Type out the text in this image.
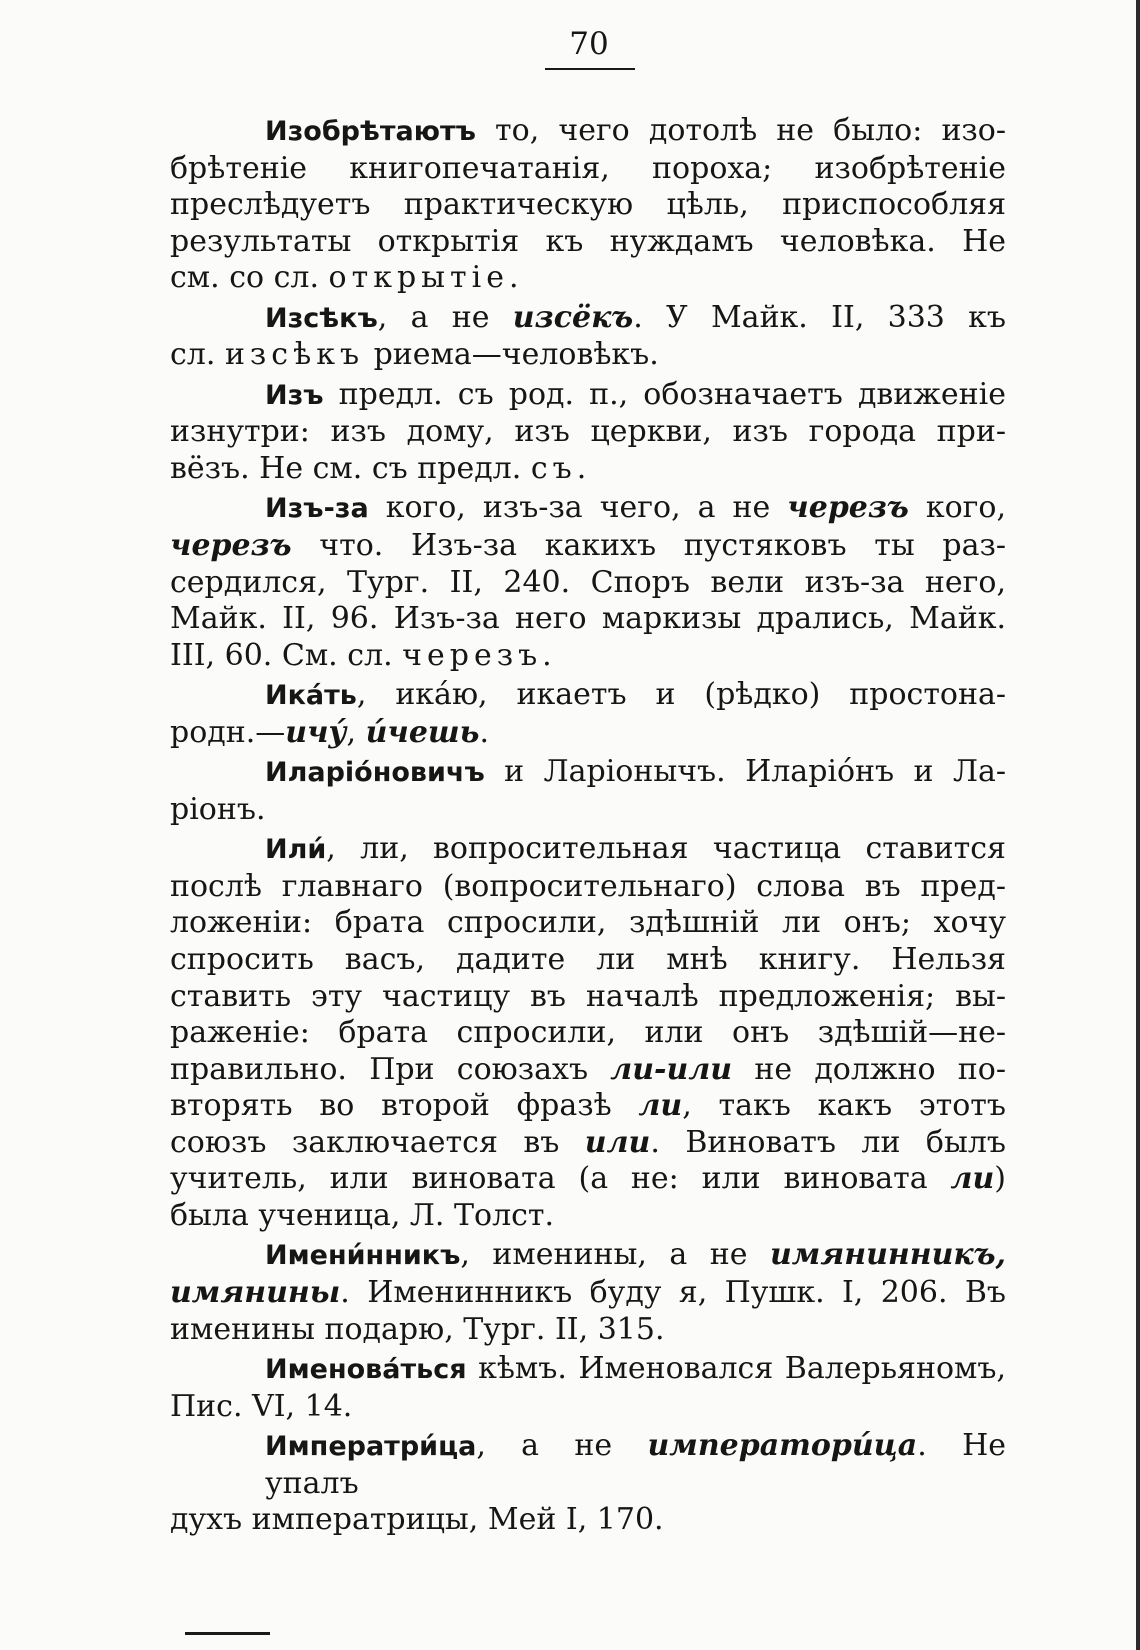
70
Изобрѣтаютъ то, чего дотолѣ не было: изо-
брѣтеніе книгопечатанія, пороха; изобрѣтеніе
преслѣдуетъ практическую цѣль, приспособляя
результаты открытія къ нуждамъ человѣка. Не
см. со сл. открытіе.
Изсѣкъ, а не изсёкъ. У Майк. II, 333 къ
сл. изсѣкъ риема—человѣкъ.
Изъ предл. съ род. п., обозначаетъ движеніе
изнутри: изъ дому, изъ церкви, изъ города при-
вёзъ. Не см. съ предл. съ.
Изъ-за кого, изъ-за чего, а не черезъ кого,
черезъ что. Изъ-за какихъ пустяковъ ты раз-
сердился, Тург. II, 240. Споръ вели изъ-за него,
Майк. II, 96. Изъ-за него маркизы дрались, Майк.
III, 60. См. сл. черезъ.
Икáть, икáю, икаетъ и (рѣдко) простона-
родн.—ичу́, и́чешь.
Иларіóновичъ и Ларіонычъ. Иларіóнъ и Ла-
ріонъ.
Или́, ли, вопросительная частица ставится
послѣ главнаго (вопросительнаго) слова въ пред-
ложеніи: брата спросили, здѣшній ли онъ; хочу
спросить васъ, дадите ли мнѣ книгу. Нельзя
ставить эту частицу въ началѣ предложенія; вы-
раженіе: брата спросили, или онъ здѣшій—не-
правильно. При союзахъ ли-или не должно по-
вторять во второй фразѣ ли, такъ какъ этотъ
союзъ заключается въ или. Виноватъ ли былъ
учитель, или виновата (а не: или виновата ли)
была ученица, Л. Толст.
Имени́нникъ, именины, а не имянинникъ,
имянины. Именинникъ буду я, Пушк. I, 206. Въ
именины подарю, Тург. II, 315.
Именовáться кѣмъ. Именовался Валерьяномъ,
Пис. VI, 14.
Императри́ца, а не императори́ца. Не упалъ
духъ императрицы, Мей I, 170.
